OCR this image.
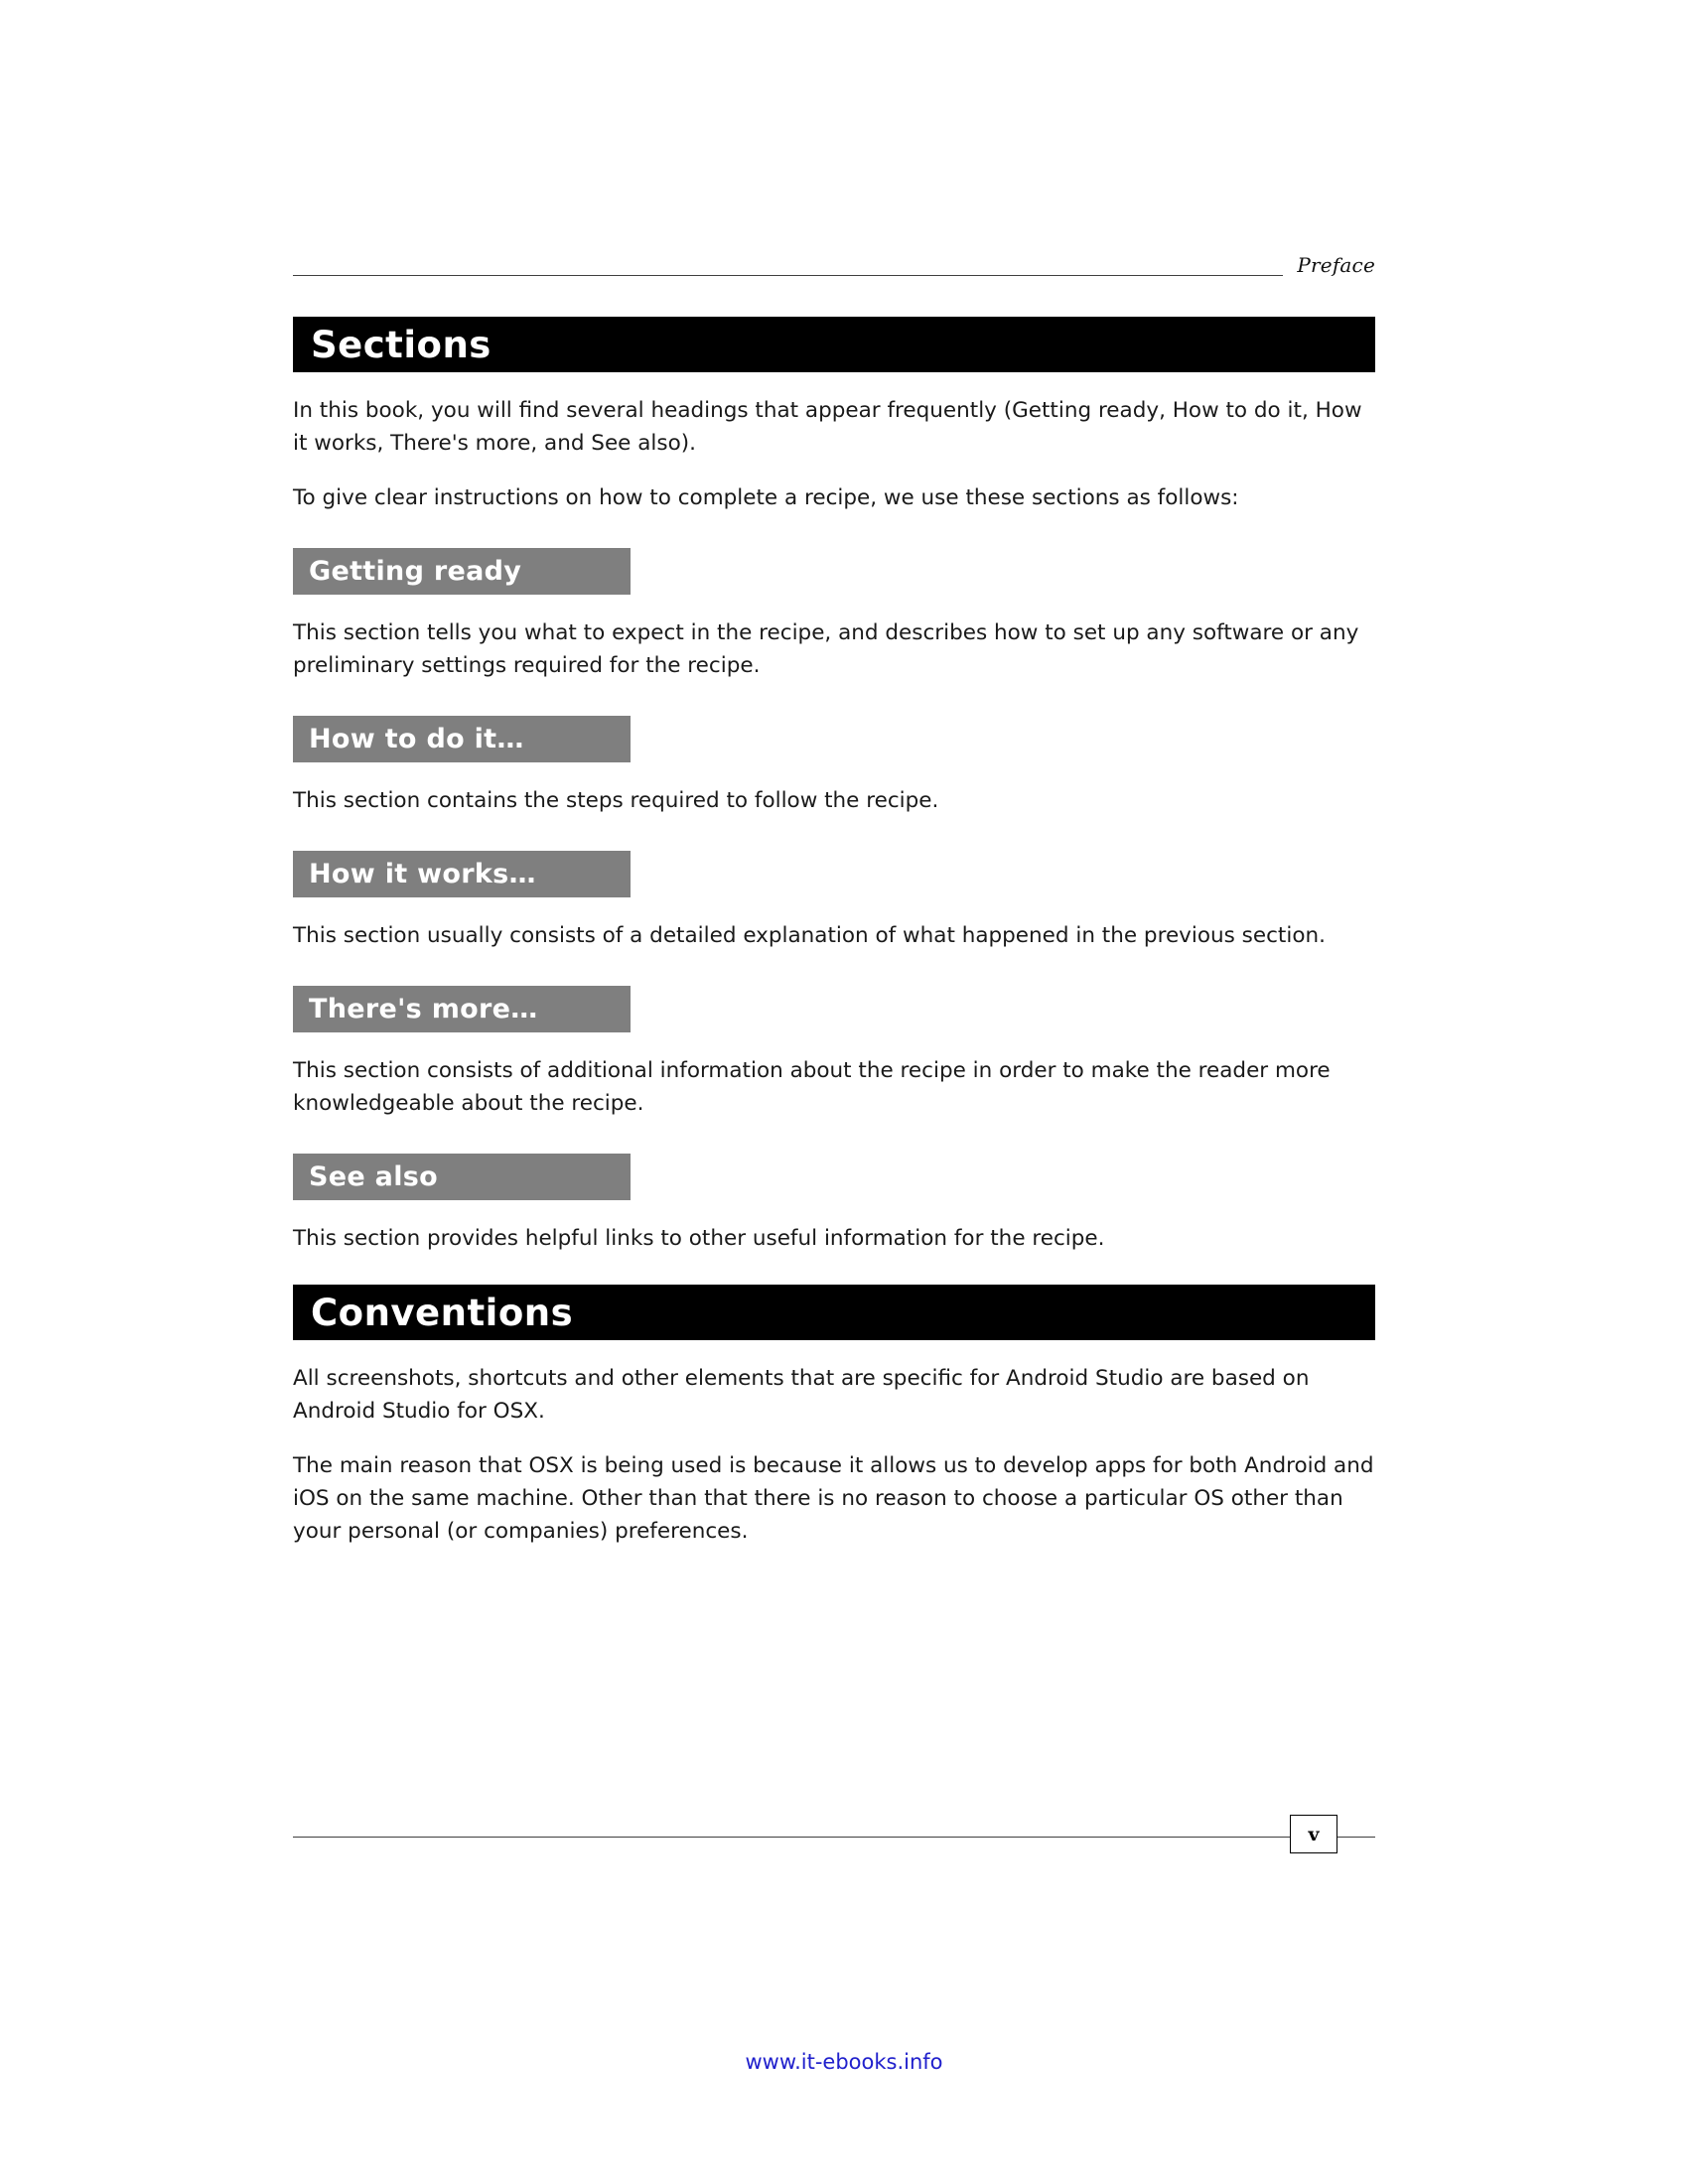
Preface
Sections

In this book, you will find several headings that appear frequently (Getting ready, How to do it, How it works, There's more, and See also).

To give clear instructions on how to complete a recipe, we use these sections as follows:

Getting ready

This section tells you what to expect in the recipe, and describes how to set up any software or any preliminary settings required for the recipe.

How to do it…

This section contains the steps required to follow the recipe.

How it works…

This section usually consists of a detailed explanation of what happened in the previous section.

There's more…

This section consists of additional information about the recipe in order to make the reader more knowledgeable about the recipe.

See also

This section provides helpful links to other useful information for the recipe.

Conventions

All screenshots, shortcuts and other elements that are specific for Android Studio are based on Android Studio for OSX.

The main reason that OSX is being used is because it allows us to develop apps for both Android and iOS on the same machine. Other than that there is no reason to choose a particular OS other than your personal (or companies) preferences.

v
www.it-ebooks.info
